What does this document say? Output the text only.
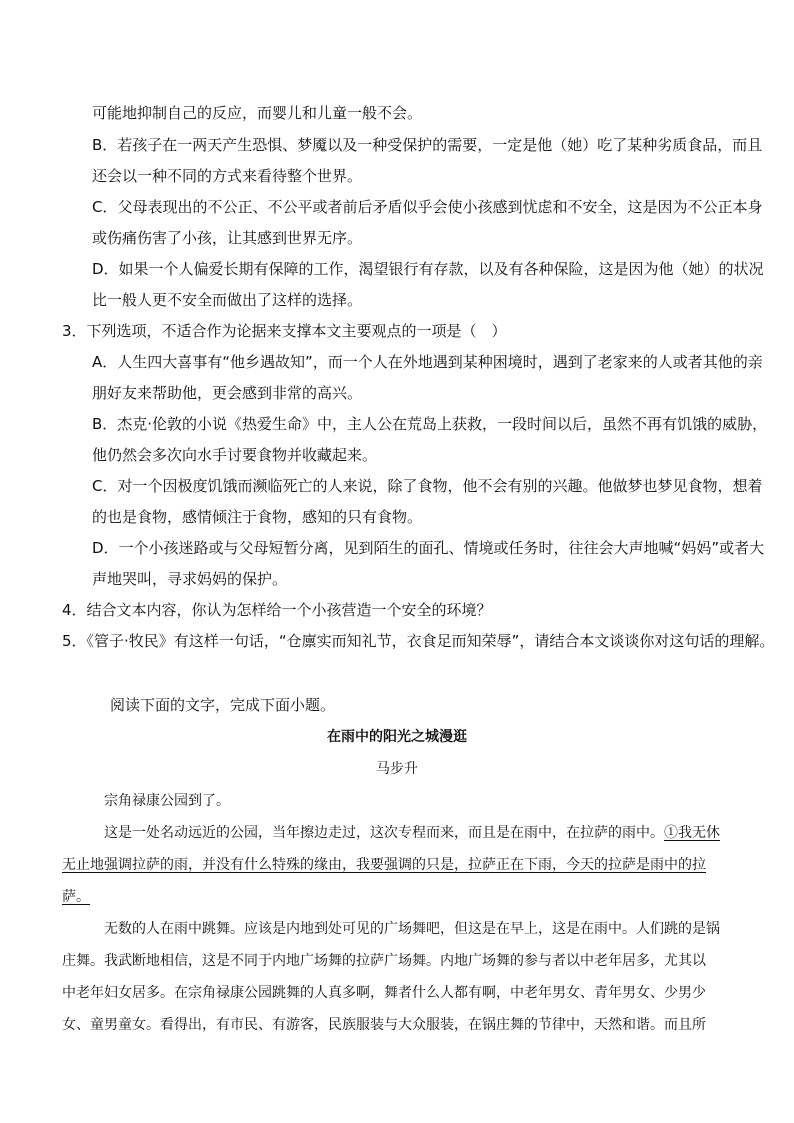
可能地抑制自己的反应，而婴儿和儿童一般不会。
B．若孩子在一两天产生恐惧、梦魇以及一种受保护的需要，一定是他（她）吃了某种劣质食品，而且
还会以一种不同的方式来看待整个世界。
C．父母表现出的不公正、不公平或者前后矛盾似乎会使小孩感到忧虑和不安全，这是因为不公正本身
或伤痛伤害了小孩，让其感到世界无序。
D．如果一个人偏爱长期有保障的工作，渴望银行有存款，以及有各种保险，这是因为他（她）的状况
比一般人更不安全而做出了这样的选择。
3．下列选项，不适合作为论据来支撑本文主要观点的一项是（　）
A．人生四大喜事有“他乡遇故知”，而一个人在外地遇到某种困境时，遇到了老家来的人或者其他的亲
朋好友来帮助他，更会感到非常的高兴。
B．杰克·伦敦的小说《热爱生命》中，主人公在荒岛上获救，一段时间以后，虽然不再有饥饿的威胁，
他仍然会多次向水手讨要食物并收藏起来。
C．对一个因极度饥饿而濒临死亡的人来说，除了食物，他不会有别的兴趣。他做梦也梦见食物，想着
的也是食物，感情倾注于食物，感知的只有食物。
D．一个小孩迷路或与父母短暂分离，见到陌生的面孔、情境或任务时，往往会大声地喊“妈妈”或者大
声地哭叫，寻求妈妈的保护。
4．结合文本内容，你认为怎样给一个小孩营造一个安全的环境？
5．《管子·牧民》有这样一句话，“仓廪实而知礼节，衣食足而知荣辱”，请结合本文谈谈你对这句话的理解。
阅读下面的文字，完成下面小题。
在雨中的阳光之城漫逛
马步升
宗角禄康公园到了。
这是一处名动远近的公园，当年擦边走过，这次专程而来，而且是在雨中，在拉萨的雨中。①我无休
无止地强调拉萨的雨，并没有什么特殊的缘由，我要强调的只是，拉萨正在下雨，今天的拉萨是雨中的拉
萨。
无数的人在雨中跳舞。应该是内地到处可见的广场舞吧，但这是在早上，这是在雨中。人们跳的是锅
庄舞。我武断地相信，这是不同于内地广场舞的拉萨广场舞。内地广场舞的参与者以中老年居多，尤其以
中老年妇女居多。在宗角禄康公园跳舞的人真多啊，舞者什么人都有啊，中老年男女、青年男女、少男少
女、童男童女。看得出，有市民、有游客，民族服装与大众服装，在锅庄舞的节律中，天然和谐。而且所
